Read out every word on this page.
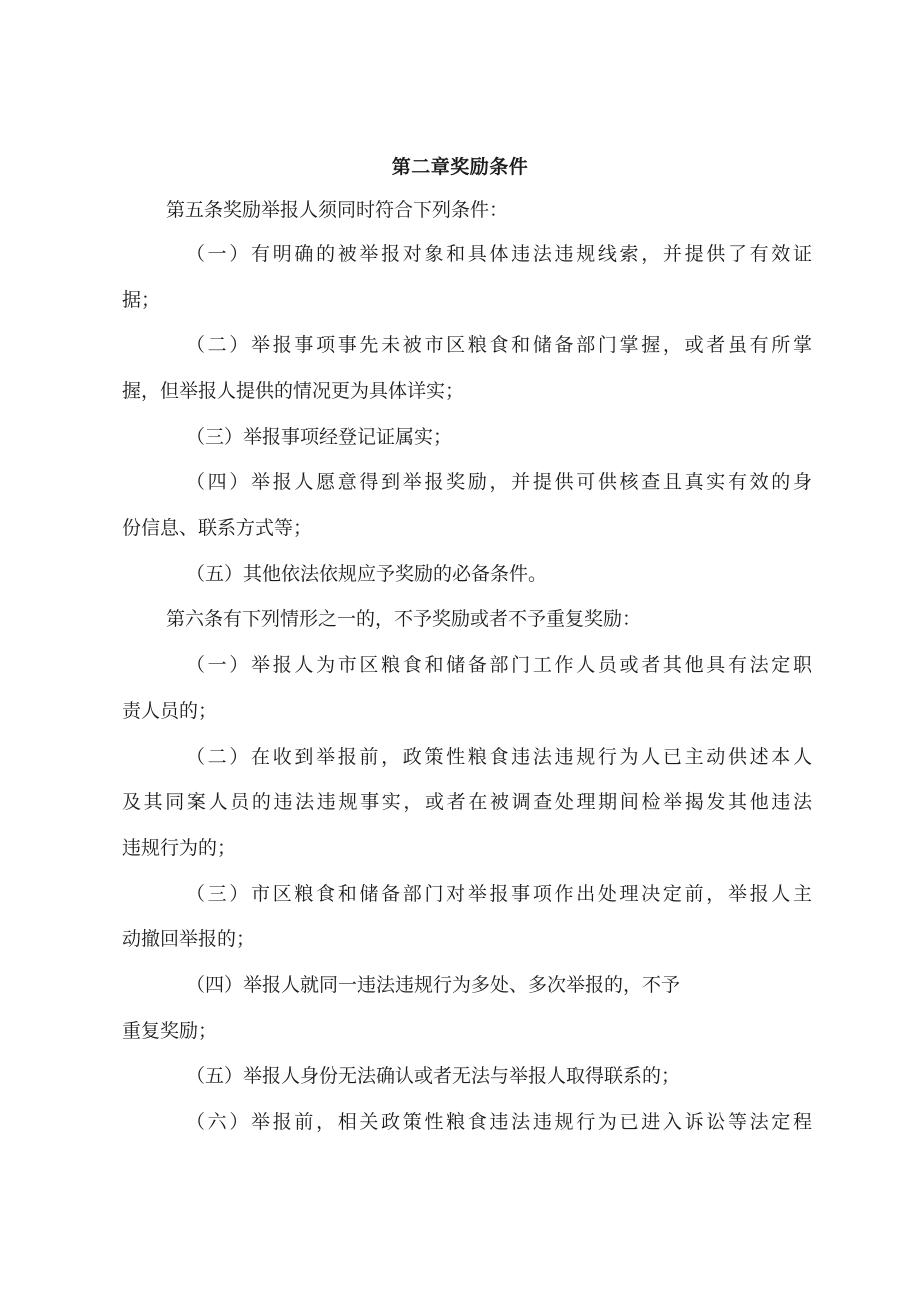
第二章奖励条件

第五条奖励举报人须同时符合下列条件：

（一）有明确的被举报对象和具体违法违规线索，并提供了有效证

据；

（二）举报事项事先未被市区粮食和储备部门掌握，或者虽有所掌

握，但举报人提供的情况更为具体详实；

（三）举报事项经登记证属实；

（四）举报人愿意得到举报奖励，并提供可供核查且真实有效的身

份信息、联系方式等；

（五）其他依法依规应予奖励的必备条件。

第六条有下列情形之一的，不予奖励或者不予重复奖励：

（一）举报人为市区粮食和储备部门工作人员或者其他具有法定职

责人员的；

（二）在收到举报前，政策性粮食违法违规行为人已主动供述本人

及其同案人员的违法违规事实，或者在被调查处理期间检举揭发其他违法

违规行为的；

（三）市区粮食和储备部门对举报事项作出处理决定前，举报人主

动撤回举报的；

（四）举报人就同一违法违规行为多处、多次举报的，不予

重复奖励；

（五）举报人身份无法确认或者无法与举报人取得联系的；

（六）举报前，相关政策性粮食违法违规行为已进入诉讼等法定程
